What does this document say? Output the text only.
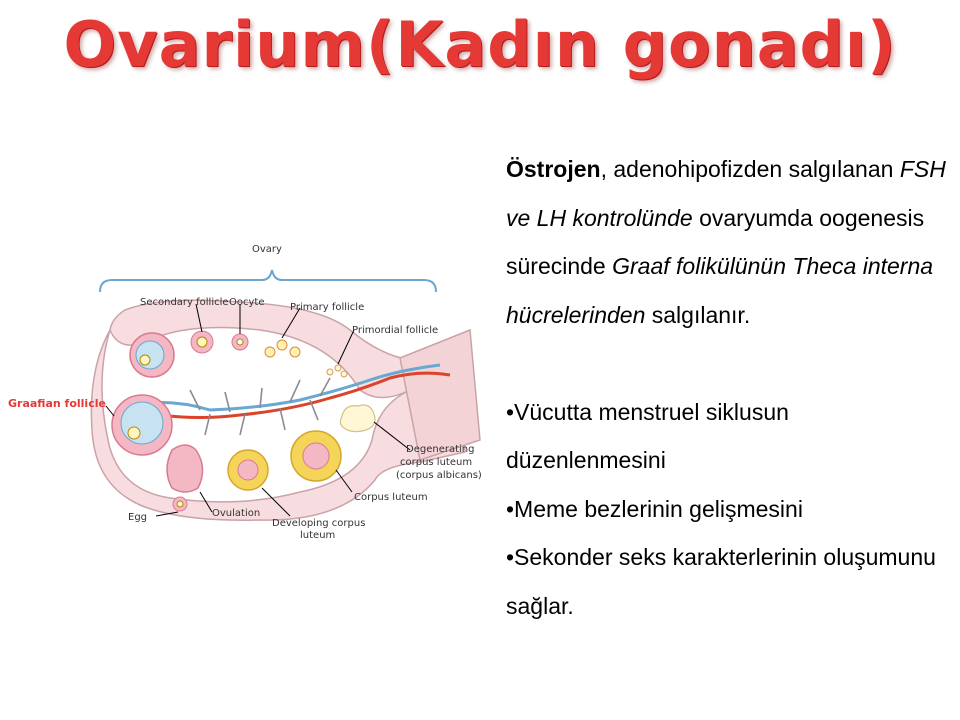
Ovarium(Kadın gonadı)
Ovary
Secondary follicle Oocyte	Primary follicle
Primordial follicle
Graafian follicle
Degenerating
corpus luteum
(corpus albicans)
Corpus luteum
Egg	Ovulation
Developing corpus
luteum

Östrojen, adenohipofizden salgılanan FSH ve LH kontrolünde ovaryumda oogenesis sürecinde Graaf folikülünün Theca interna hücrelerinden salgılanır.

•Vücutta menstruel siklusun düzenlenmesini

•Meme bezlerinin gelişmesini

•Sekonder seks karakterlerinin oluşumunu sağlar.
